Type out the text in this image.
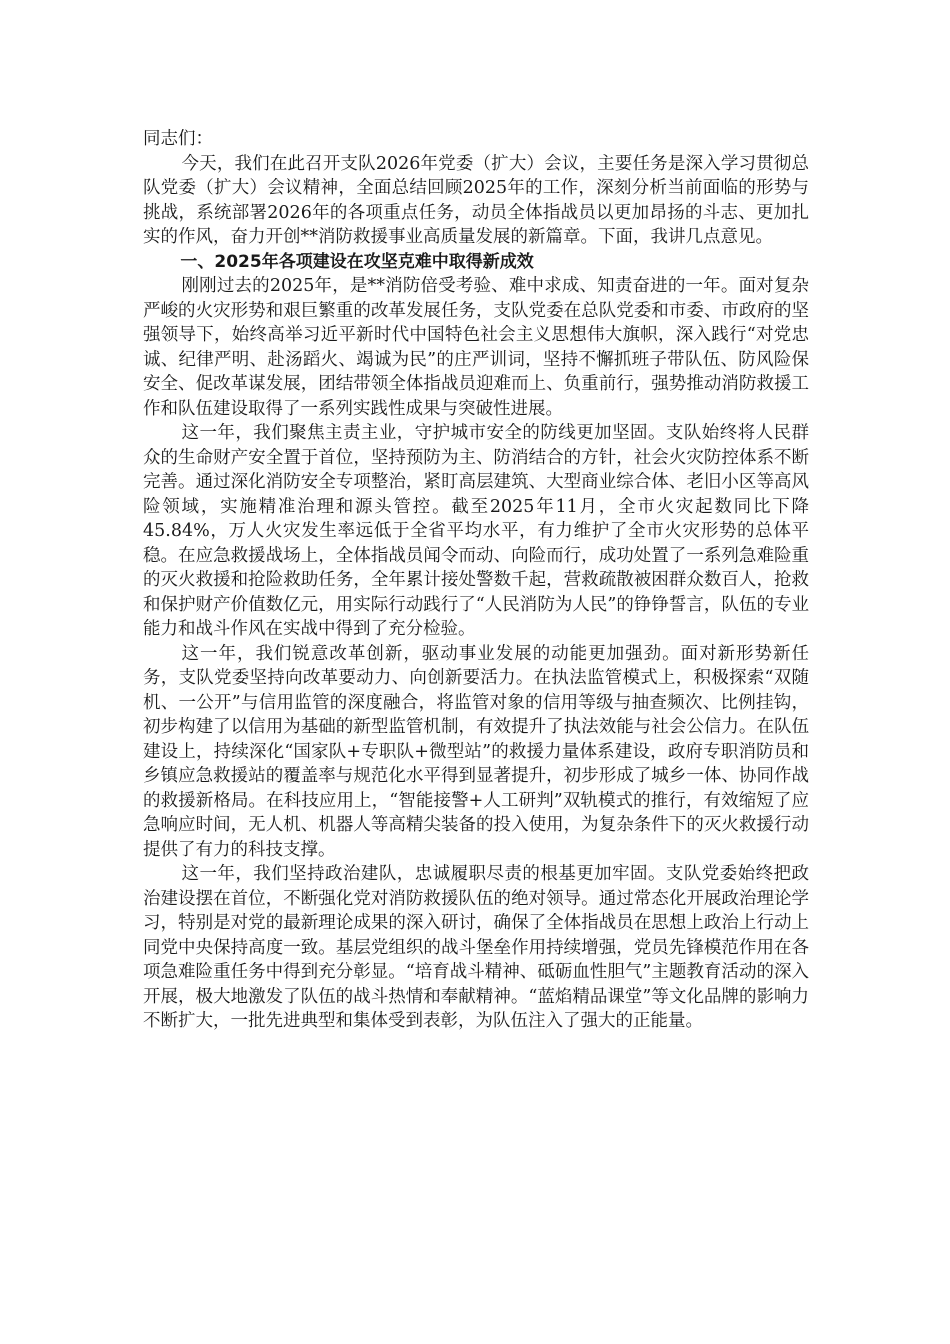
同志们：

今天，我们在此召开支队2026年党委（扩大）会议，主要任务是深入学习贯彻总队党委（扩大）会议精神，全面总结回顾2025年的工作，深刻分析当前面临的形势与挑战，系统部署2026年的各项重点任务，动员全体指战员以更加昂扬的斗志、更加扎实的作风，奋力开创**消防救援事业高质量发展的新篇章。下面，我讲几点意见。

一、2025年各项建设在攻坚克难中取得新成效

刚刚过去的2025年，是**消防倍受考验、难中求成、知责奋进的一年。面对复杂严峻的火灾形势和艰巨繁重的改革发展任务，支队党委在总队党委和市委、市政府的坚强领导下，始终高举习近平新时代中国特色社会主义思想伟大旗帜，深入践行“对党忠诚、纪律严明、赴汤蹈火、竭诚为民”的庄严训词，坚持不懈抓班子带队伍、防风险保安全、促改革谋发展，团结带领全体指战员迎难而上、负重前行，强势推动消防救援工作和队伍建设取得了一系列实践性成果与突破性进展。

这一年，我们聚焦主责主业，守护城市安全的防线更加坚固。支队始终将人民群众的生命财产安全置于首位，坚持预防为主、防消结合的方针，社会火灾防控体系不断完善。通过深化消防安全专项整治，紧盯高层建筑、大型商业综合体、老旧小区等高风险领域，实施精准治理和源头管控。截至2025年11月，全市火灾起数同比下降45.84%，万人火灾发生率远低于全省平均水平，有力维护了全市火灾形势的总体平稳。在应急救援战场上，全体指战员闻令而动、向险而行，成功处置了一系列急难险重的灭火救援和抢险救助任务，全年累计接处警数千起，营救疏散被困群众数百人，抢救和保护财产价值数亿元，用实际行动践行了“人民消防为人民”的铮铮誓言，队伍的专业能力和战斗作风在实战中得到了充分检验。

这一年，我们锐意改革创新，驱动事业发展的动能更加强劲。面对新形势新任务，支队党委坚持向改革要动力、向创新要活力。在执法监管模式上，积极探索“双随机、一公开”与信用监管的深度融合，将监管对象的信用等级与抽查频次、比例挂钩，初步构建了以信用为基础的新型监管机制，有效提升了执法效能与社会公信力。在队伍建设上，持续深化“国家队+专职队+微型站”的救援力量体系建设，政府专职消防员和乡镇应急救援站的覆盖率与规范化水平得到显著提升，初步形成了城乡一体、协同作战的救援新格局。在科技应用上，“智能接警+人工研判”双轨模式的推行，有效缩短了应急响应时间，无人机、机器人等高精尖装备的投入使用，为复杂条件下的灭火救援行动提供了有力的科技支撑。

这一年，我们坚持政治建队，忠诚履职尽责的根基更加牢固。支队党委始终把政治建设摆在首位，不断强化党对消防救援队伍的绝对领导。通过常态化开展政治理论学习，特别是对党的最新理论成果的深入研讨，确保了全体指战员在思想上政治上行动上同党中央保持高度一致。基层党组织的战斗堡垒作用持续增强，党员先锋模范作用在各项急难险重任务中得到充分彰显。“培育战斗精神、砥砺血性胆气”主题教育活动的深入开展，极大地激发了队伍的战斗热情和奉献精神。“蓝焰精品课堂”等文化品牌的影响力不断扩大，一批先进典型和集体受到表彰，为队伍注入了强大的正能量。
